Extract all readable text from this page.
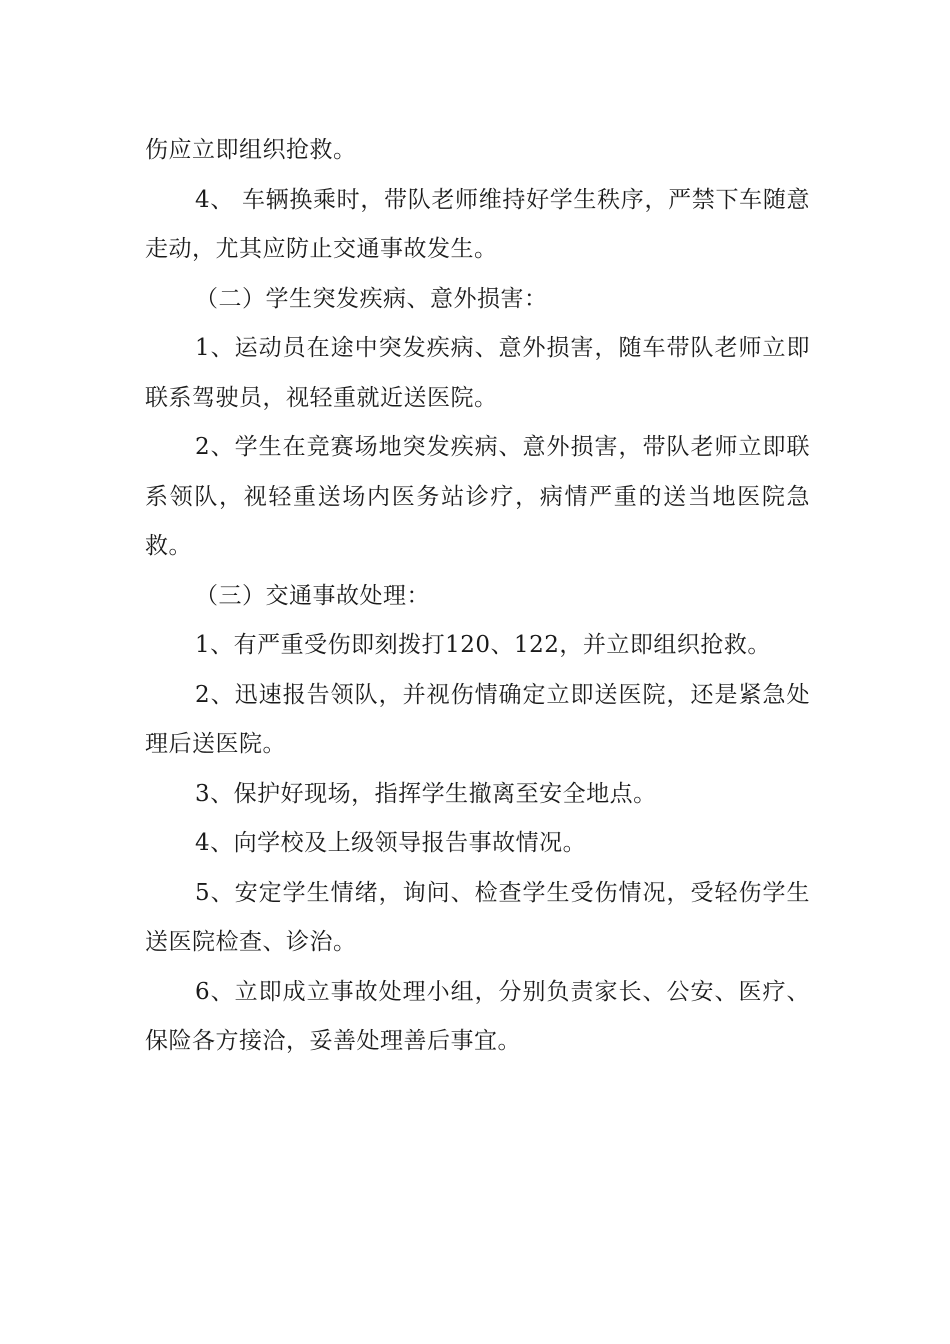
伤应立即组织抢救。

4、 车辆换乘时，带队老师维持好学生秩序，严禁下车随意走动，尤其应防止交通事故发生。

（二）学生突发疾病、意外损害：

1、运动员在途中突发疾病、意外损害，随车带队老师立即联系驾驶员，视轻重就近送医院。

2、学生在竞赛场地突发疾病、意外损害，带队老师立即联系领队，视轻重送场内医务站诊疗，病情严重的送当地医院急救。

（三）交通事故处理：

1、有严重受伤即刻拨打120、122，并立即组织抢救。

2、迅速报告领队，并视伤情确定立即送医院，还是紧急处理后送医院。

3、保护好现场，指挥学生撤离至安全地点。

4、向学校及上级领导报告事故情况。

5、安定学生情绪，询问、检查学生受伤情况，受轻伤学生送医院检查、诊治。

6、立即成立事故处理小组，分别负责家长、公安、医疗、保险各方接洽，妥善处理善后事宜。
